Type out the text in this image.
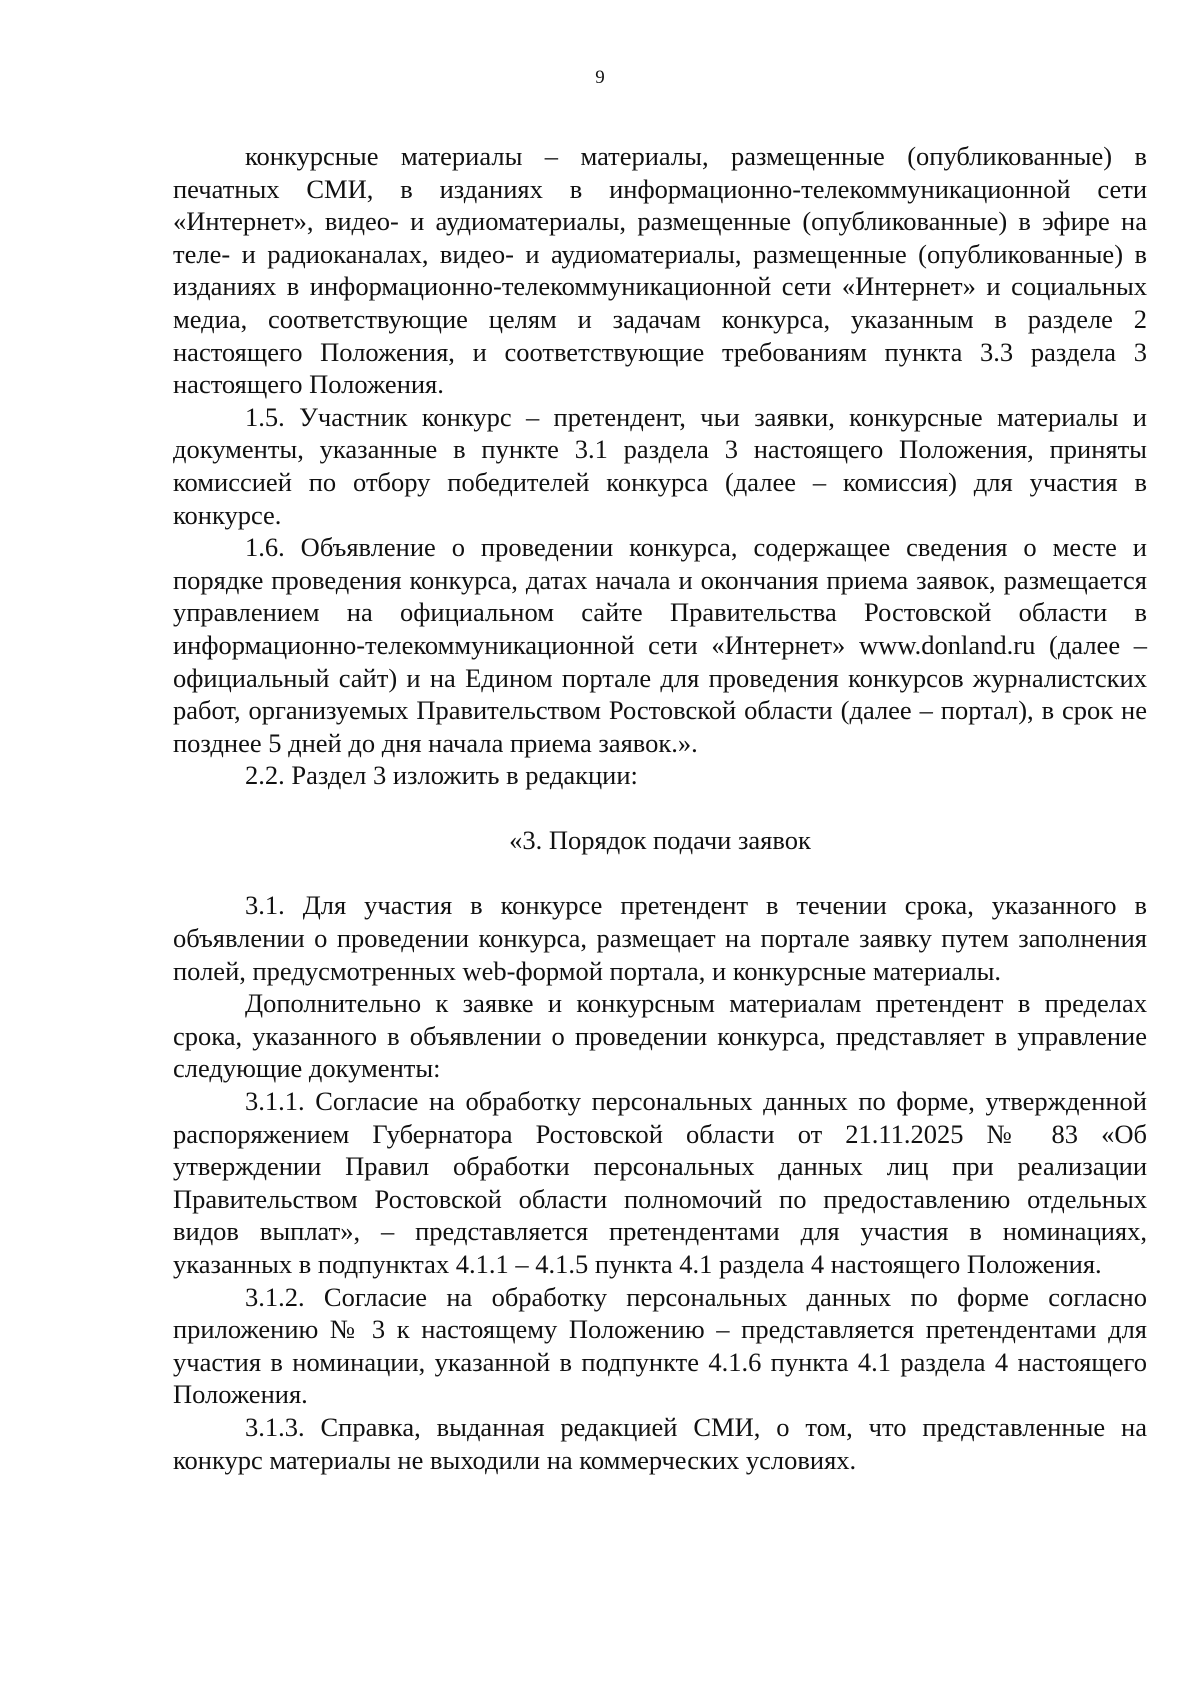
9

конкурсные материалы – материалы, размещенные (опубликованные) в печатных СМИ, в изданиях в информационно-телекоммуникационной сети «Интернет», видео- и аудиоматериалы, размещенные (опубликованные) в эфире на теле- и радиоканалах, видео- и аудиоматериалы, размещенные (опубликованные) в изданиях в информационно-телекоммуникационной сети «Интернет» и социальных медиа, соответствующие целям и задачам конкурса, указанным в разделе 2 настоящего Положения, и соответствующие требованиям пункта 3.3 раздела 3 настоящего Положения.

1.5. Участник конкурс – претендент, чьи заявки, конкурсные материалы и документы, указанные в пункте 3.1 раздела 3 настоящего Положения, приняты комиссией по отбору победителей конкурса (далее – комиссия) для участия в конкурсе.

1.6. Объявление о проведении конкурса, содержащее сведения о месте и порядке проведения конкурса, датах начала и окончания приема заявок, размещается управлением на официальном сайте Правительства Ростовской области в информационно-телекоммуникационной сети «Интернет» www.donland.ru (далее – официальный сайт) и на Едином портале для проведения конкурсов журналистских работ, организуемых Правительством Ростовской области (далее – портал), в срок не позднее 5 дней до дня начала приема заявок.».

2.2. Раздел 3 изложить в редакции:

«3. Порядок подачи заявок

3.1. Для участия в конкурсе претендент в течении срока, указанного в объявлении о проведении конкурса, размещает на портале заявку путем заполнения полей, предусмотренных web-формой портала, и конкурсные материалы.

Дополнительно к заявке и конкурсным материалам претендент в пределах срока, указанного в объявлении о проведении конкурса, представляет в управление следующие документы:

3.1.1. Согласие на обработку персональных данных по форме, утвержденной распоряжением Губернатора Ростовской области от 21.11.2025 № 83 «Об утверждении Правил обработки персональных данных лиц при реализации Правительством Ростовской области полномочий по предоставлению отдельных видов выплат», – представляется претендентами для участия в номинациях, указанных в подпунктах 4.1.1 – 4.1.5 пункта 4.1 раздела 4 настоящего Положения.

3.1.2. Согласие на обработку персональных данных по форме согласно приложению № 3 к настоящему Положению – представляется претендентами для участия в номинации, указанной в подпункте 4.1.6 пункта 4.1 раздела 4 настоящего Положения.

3.1.3. Справка, выданная редакцией СМИ, о том, что представленные на конкурс материалы не выходили на коммерческих условиях.
